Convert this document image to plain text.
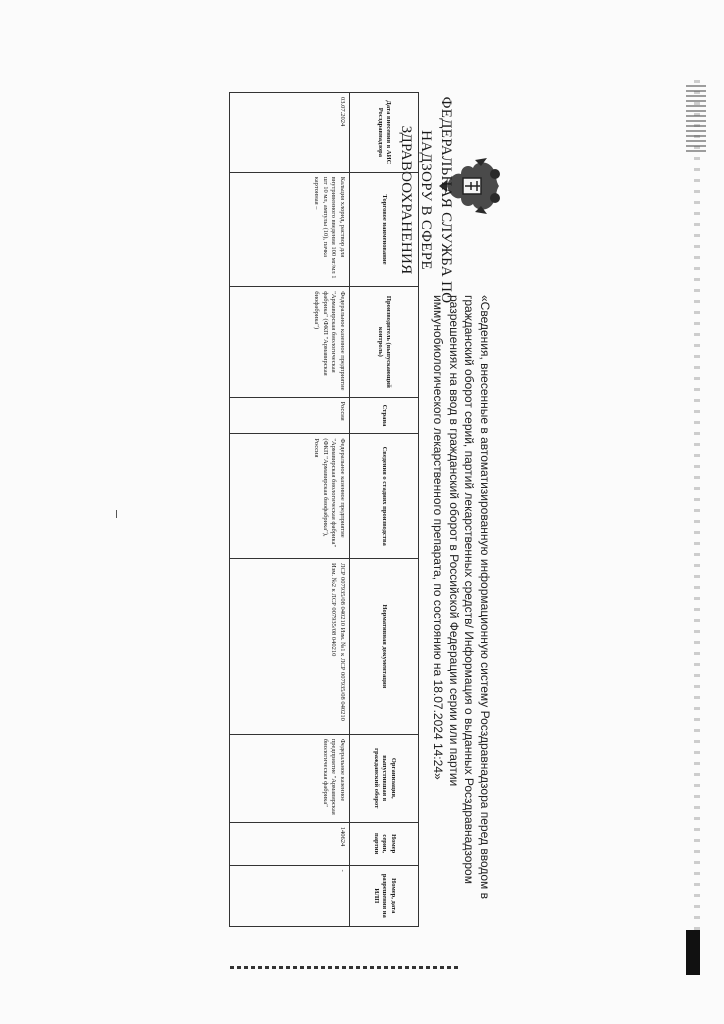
ФЕДЕРАЛЬНАЯ СЛУЖБА ПО НАДЗОРУ В СФЕРЕ ЗДРАВООХРАНЕНИЯ
«Сведения, внесенные в автоматизированную информационную систему Росздравнадзора перед вводом в гражданский оборот серий, партий лекарственных средств/ Информация о выданных Росздравнадзором разрешениях на ввод в гражданский оборот в Российской Федерации серии или партии иммунобиологического лекарственного препарата, по состоянию на 18.07.2024 14:24»
Дата внесения в АИС Росздравнадзора	Торговое наименование	Производитель (выпускающий контроль)	Страна	Сведения о стадиях производства	Нормативная документация	Организация, выпустившая в гражданский оборот	Номер серии, партии	Номер, дата разрешения на ИЛП
03.07.2024	Кальция хлорид, раствор для внутривенного введения 100 мг/мл 1 шт 10 мл, ампулы (10), пачка картонная –	Федеральное казенное предприятие "Армавирская биологическая фабрика" (ФКП "Армавирская биофабрика")	Россия	Федеральное казенное предприятие "Армавирская биологическая фабрика" (ФКП "Армавирская биофабрика"), Россия	ЛСР 007935/08 040210 Изм. №1 к ЛСР 007935/08 040210 Изм. №2 к ЛСР 007935/08 040210	Федеральное казенное предприятие "Армавирская биологическая фабрика"	140624	-
